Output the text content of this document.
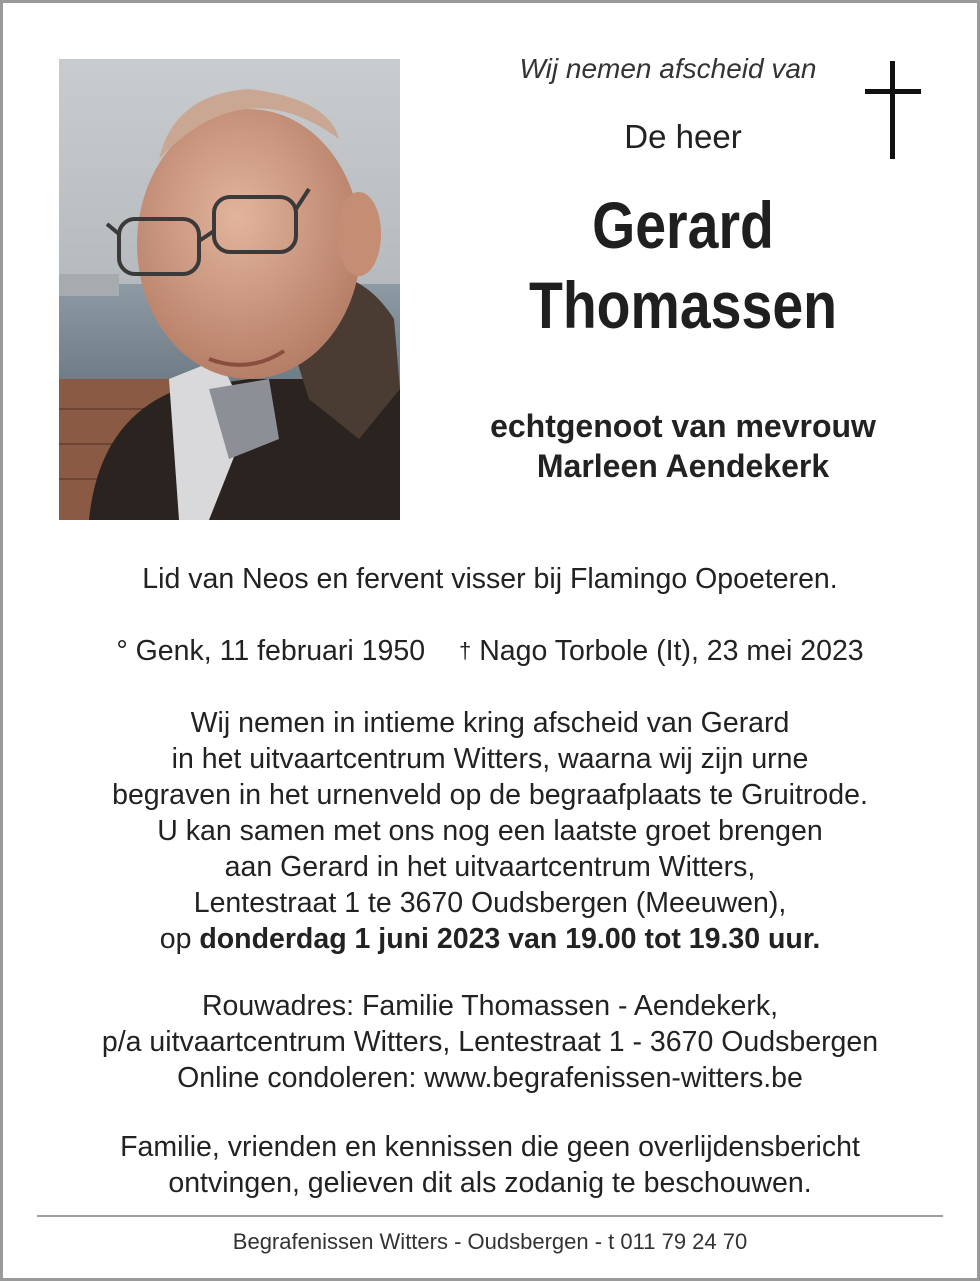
Wij nemen afscheid van
De heer
Gerard
Thomassen
echtgenoot van mevrouw
Marleen Aendekerk
Lid van Neos en fervent visser bij Flamingo Opoeteren.
° Genk, 11 februari 1950 † Nago Torbole (It), 23 mei 2023
Wij nemen in intieme kring afscheid van Gerard
in het uitvaartcentrum Witters, waarna wij zijn urne
begraven in het urnenveld op de begraafplaats te Gruitrode.
U kan samen met ons nog een laatste groet brengen
aan Gerard in het uitvaartcentrum Witters,
Lentestraat 1 te 3670 Oudsbergen (Meeuwen),
op donderdag 1 juni 2023 van 19.00 tot 19.30 uur.
Rouwadres: Familie Thomassen - Aendekerk,
p/a uitvaartcentrum Witters, Lentestraat 1 - 3670 Oudsbergen
Online condoleren: www.begrafenissen-witters.be
Familie, vrienden en kennissen die geen overlijdensbericht
ontvingen, gelieven dit als zodanig te beschouwen.
Begrafenissen Witters - Oudsbergen - t 011 79 24 70
